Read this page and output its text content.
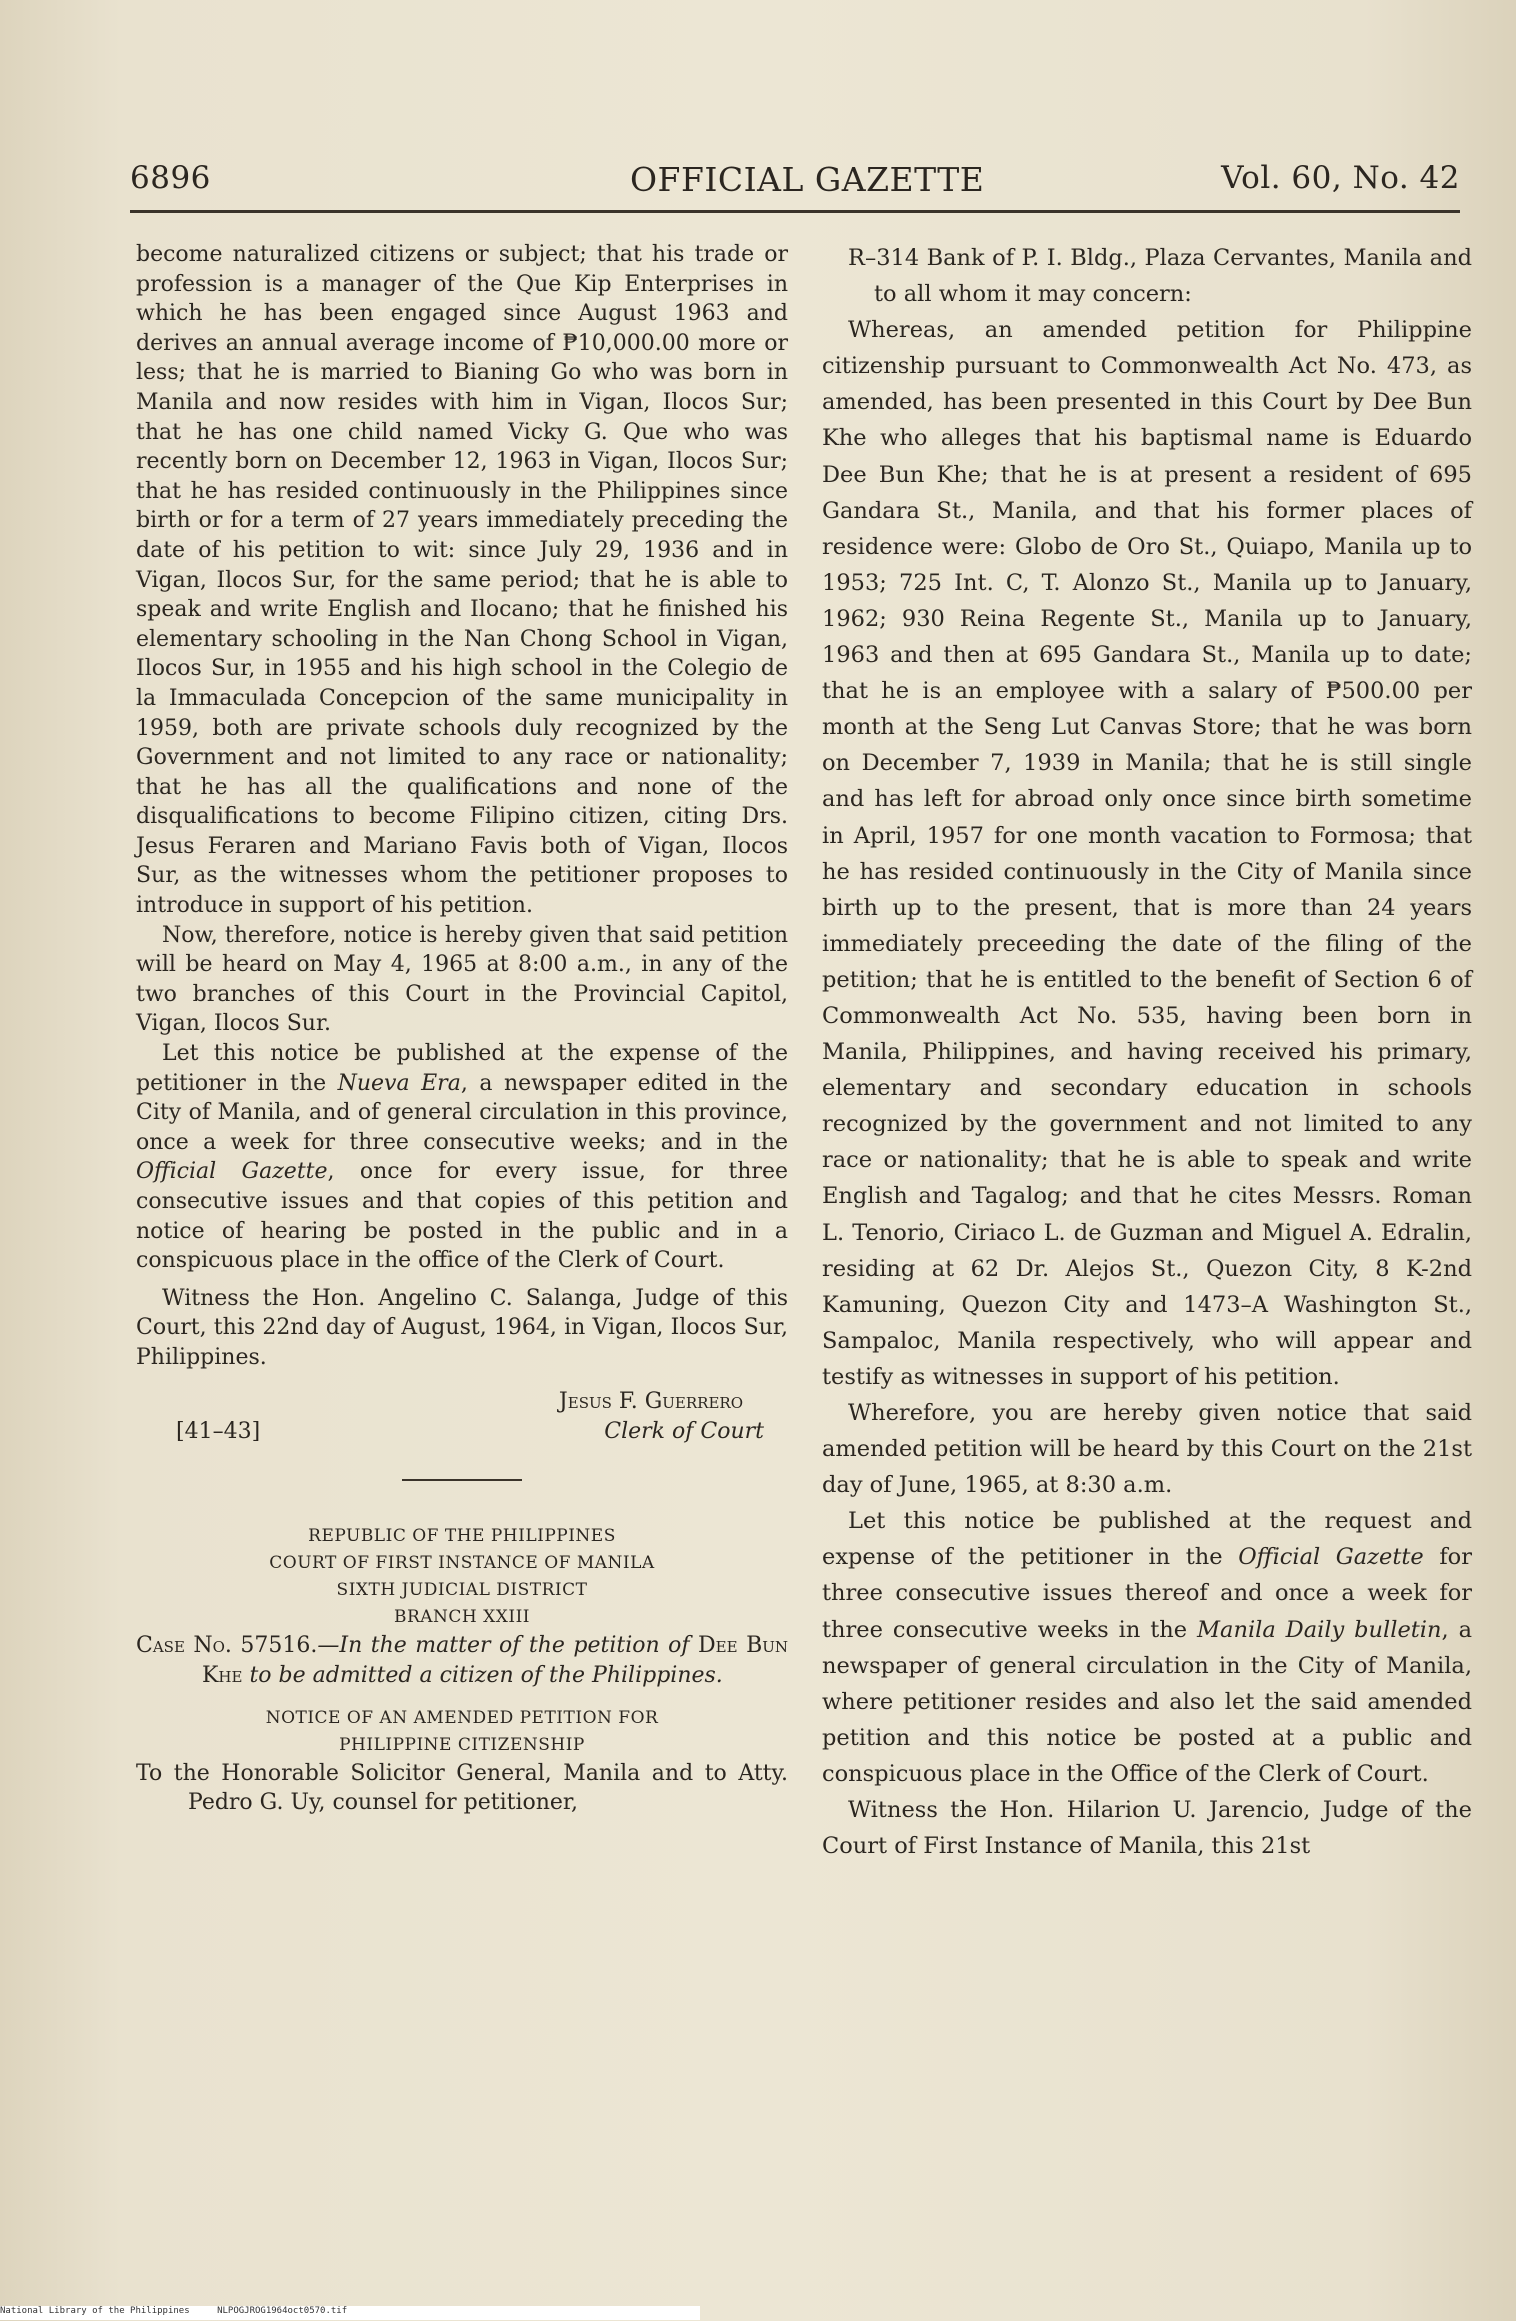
6896	OFFICIAL GAZETTE	Vol. 60, No. 42

become naturalized citizens or subject; that his trade or profession is a manager of the Que Kip Enterprises in which he has been engaged since August 1963 and derives an annual average income of ₱10,000.00 more or less; that he is married to Bianing Go who was born in Manila and now resides with him in Vigan, Ilocos Sur; that he has one child named Vicky G. Que who was recently born on December 12, 1963 in Vigan, Ilocos Sur; that he has resided continuously in the Philippines since birth or for a term of 27 years immediately preceding the date of his petition to wit: since July 29, 1936 and in Vigan, Ilocos Sur, for the same period; that he is able to speak and write English and Ilocano; that he finished his elementary schooling in the Nan Chong School in Vigan, Ilocos Sur, in 1955 and his high school in the Colegio de la Immaculada Concepcion of the same municipality in 1959, both are private schools duly recognized by the Government and not limited to any race or nationality; that he has all the qualifications and none of the disqualifications to become Filipino citizen, citing Drs. Jesus Feraren and Mariano Favis both of Vigan, Ilocos Sur, as the witnesses whom the petitioner proposes to introduce in support of his petition.

Now, therefore, notice is hereby given that said petition will be heard on May 4, 1965 at 8:00 a.m., in any of the two branches of this Court in the Provincial Capitol, Vigan, Ilocos Sur.

Let this notice be published at the expense of the petitioner in the Nueva Era, a newspaper edited in the City of Manila, and of general circulation in this province, once a week for three consecutive weeks; and in the Official Gazette, once for every issue, for three consecutive issues and that copies of this petition and notice of hearing be posted in the public and in a conspicuous place in the office of the Clerk of Court.

Witness the Hon. Angelino C. Salanga, Judge of this Court, this 22nd day of August, 1964, in Vigan, Ilocos Sur, Philippines.

Jesus F. Guerrero
[41–43]	Clerk of Court
REPUBLIC OF THE PHILIPPINES
COURT OF FIRST INSTANCE OF MANILA
SIXTH JUDICIAL DISTRICT
BRANCH XXIII

Case No. 57516.—In the matter of the petition of Dee Bun Khe to be admitted a citizen of the Philippines.

NOTICE OF AN AMENDED PETITION FOR
PHILIPPINE CITIZENSHIP

To the Honorable Solicitor General, Manila and to Atty. Pedro G. Uy, counsel for petitioner,

R–314 Bank of P. I. Bldg., Plaza Cervantes, Manila and to all whom it may concern:

Whereas, an amended petition for Philippine citizenship pursuant to Commonwealth Act No. 473, as amended, has been presented in this Court by Dee Bun Khe who alleges that his baptismal name is Eduardo Dee Bun Khe; that he is at present a resident of 695 Gandara St., Manila, and that his former places of residence were: Globo de Oro St., Quiapo, Manila up to 1953; 725 Int. C, T. Alonzo St., Manila up to January, 1962; 930 Reina Regente St., Manila up to January, 1963 and then at 695 Gandara St., Manila up to date; that he is an employee with a salary of ₱500.00 per month at the Seng Lut Canvas Store; that he was born on December 7, 1939 in Manila; that he is still single and has left for abroad only once since birth sometime in April, 1957 for one month vacation to Formosa; that he has resided continuously in the City of Manila since birth up to the present, that is more than 24 years immediately preceeding the date of the filing of the petition; that he is entitled to the benefit of Section 6 of Commonwealth Act No. 535, having been born in Manila, Philippines, and having received his primary, elementary and secondary education in schools recognized by the government and not limited to any race or nationality; that he is able to speak and write English and Tagalog; and that he cites Messrs. Roman L. Tenorio, Ciriaco L. de Guzman and Miguel A. Edralin, residing at 62 Dr. Alejos St., Quezon City, 8 K-2nd Kamuning, Quezon City and 1473–A Washington St., Sampaloc, Manila respectively, who will appear and testify as witnesses in support of his petition.

Wherefore, you are hereby given notice that said amended petition will be heard by this Court on the 21st day of June, 1965, at 8:30 a.m.

Let this notice be published at the request and expense of the petitioner in the Official Gazette for three consecutive issues thereof and once a week for three consecutive weeks in the Manila Daily bulletin, a newspaper of general circulation in the City of Manila, where petitioner resides and also let the said amended petition and this notice be posted at a public and conspicuous place in the Office of the Clerk of Court.

Witness the Hon. Hilarion U. Jarencio, Judge of the Court of First Instance of Manila, this 21st

National Library of the Philippines	NLPOGJROG1964oct0570.tif
